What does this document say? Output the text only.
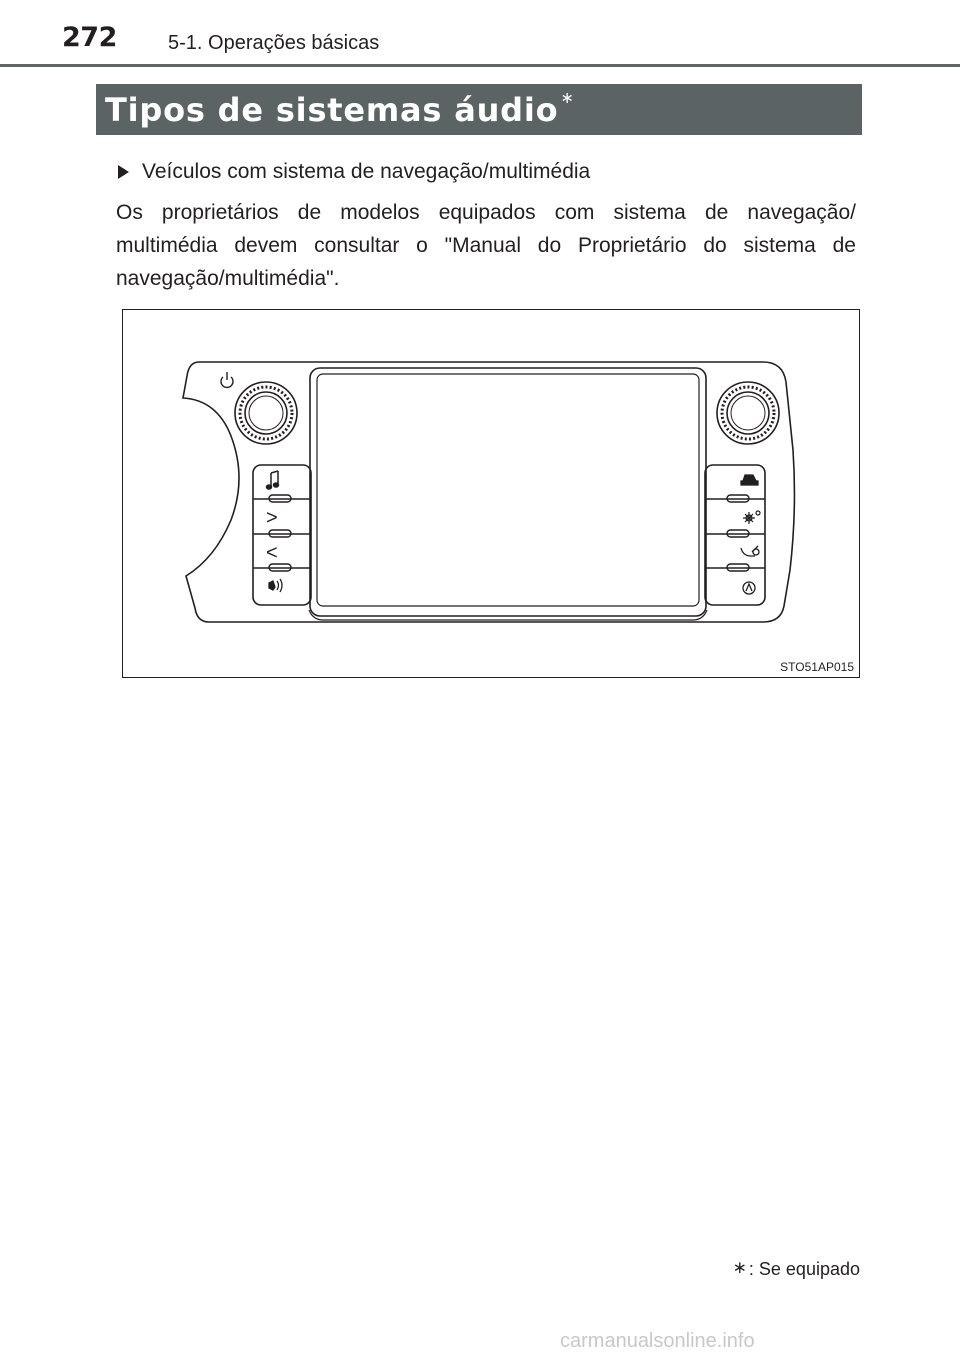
272	5-1. Operações básicas
Tipos de sistemas áudio ∗
Veículos com sistema de navegação/multimédia
Os proprietários de modelos equipados com sistema de navegação/ multimédia devem consultar o "Manual do Proprietário do sistema de navegação/multimédia".
>
<
STO51AP015
∗ : Se equipado
carmanualsonline.info
